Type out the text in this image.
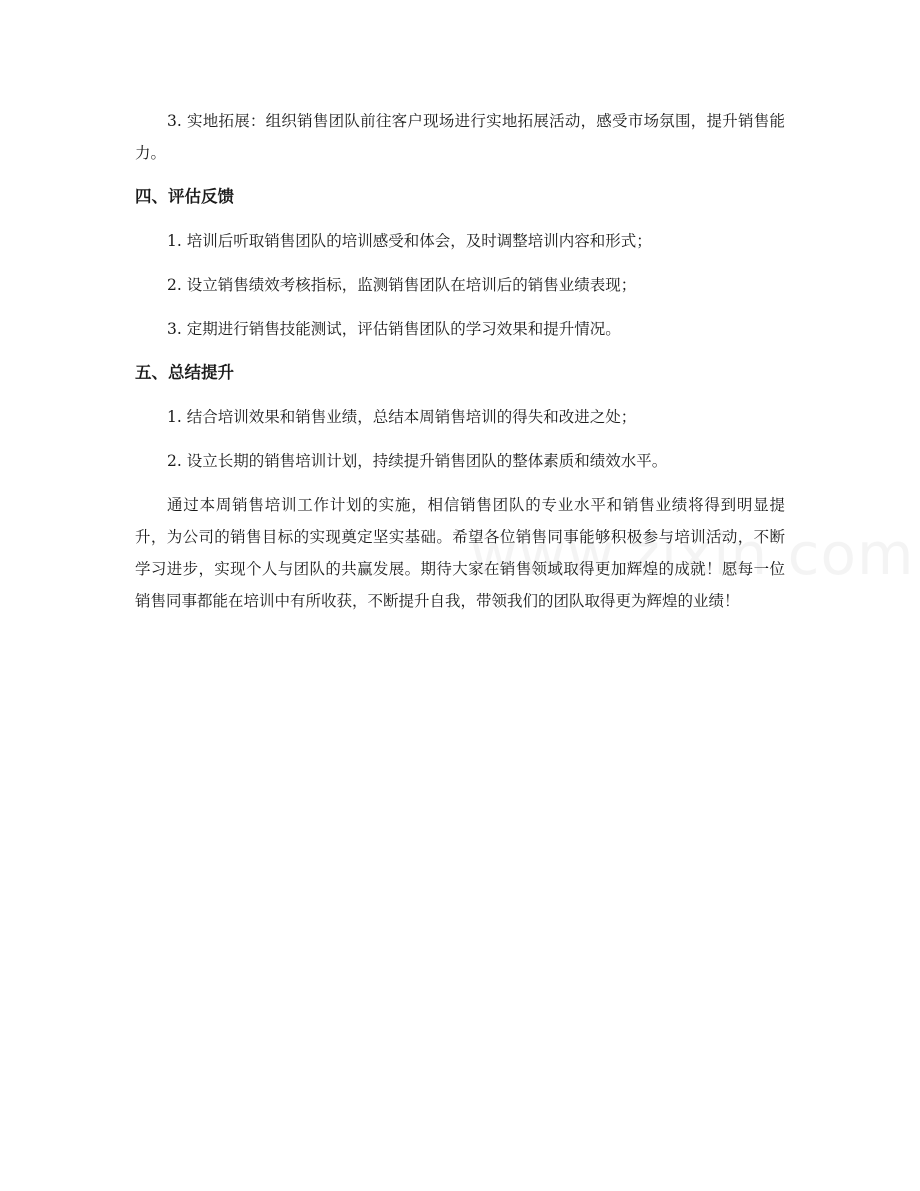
3. 实地拓展：组织销售团队前往客户现场进行实地拓展活动，感受市场氛围，提升销售能力。

四、评估反馈

1. 培训后听取销售团队的培训感受和体会，及时调整培训内容和形式；

2. 设立销售绩效考核指标，监测销售团队在培训后的销售业绩表现；

3. 定期进行销售技能测试，评估销售团队的学习效果和提升情况。

五、总结提升

1. 结合培训效果和销售业绩，总结本周销售培训的得失和改进之处；

2. 设立长期的销售培训计划，持续提升销售团队的整体素质和绩效水平。

通过本周销售培训工作计划的实施，相信销售团队的专业水平和销售业绩将得到明显提升，为公司的销售目标的实现奠定坚实基础。希望各位销售同事能够积极参与培训活动，不断学习进步，实现个人与团队的共赢发展。期待大家在销售领域取得更加辉煌的成就！愿每一位销售同事都能在培训中有所收获，不断提升自我，带领我们的团队取得更为辉煌的业绩！
